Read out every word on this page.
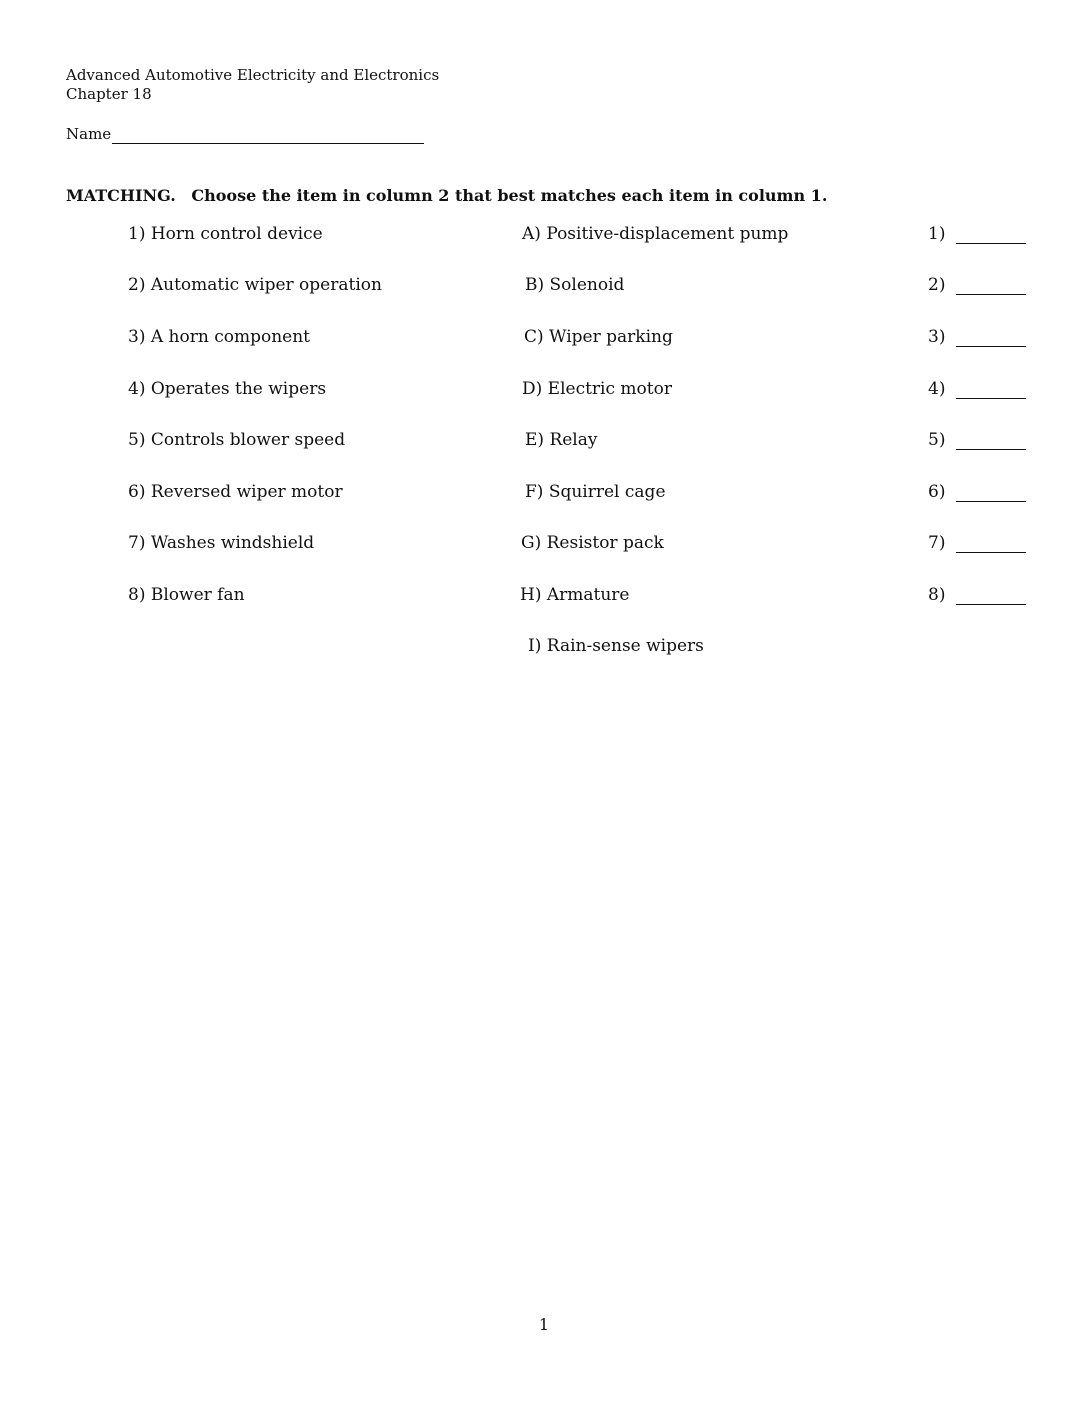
Advanced Automotive Electricity and Electronics
Chapter 18
Name
MATCHING. Choose the item in column 2 that best matches each item in column 1.
1) Horn control device	A) Positive-displacement pump	1)
2) Automatic wiper operation	B) Solenoid	2)
3) A horn component	C) Wiper parking	3)
4) Operates the wipers	D) Electric motor	4)
5) Controls blower speed	E) Relay	5)
6) Reversed wiper motor	F) Squirrel cage	6)
7) Washes windshield	G) Resistor pack	7)
8) Blower fan	H) Armature	8)
I) Rain-sense wipers
1
